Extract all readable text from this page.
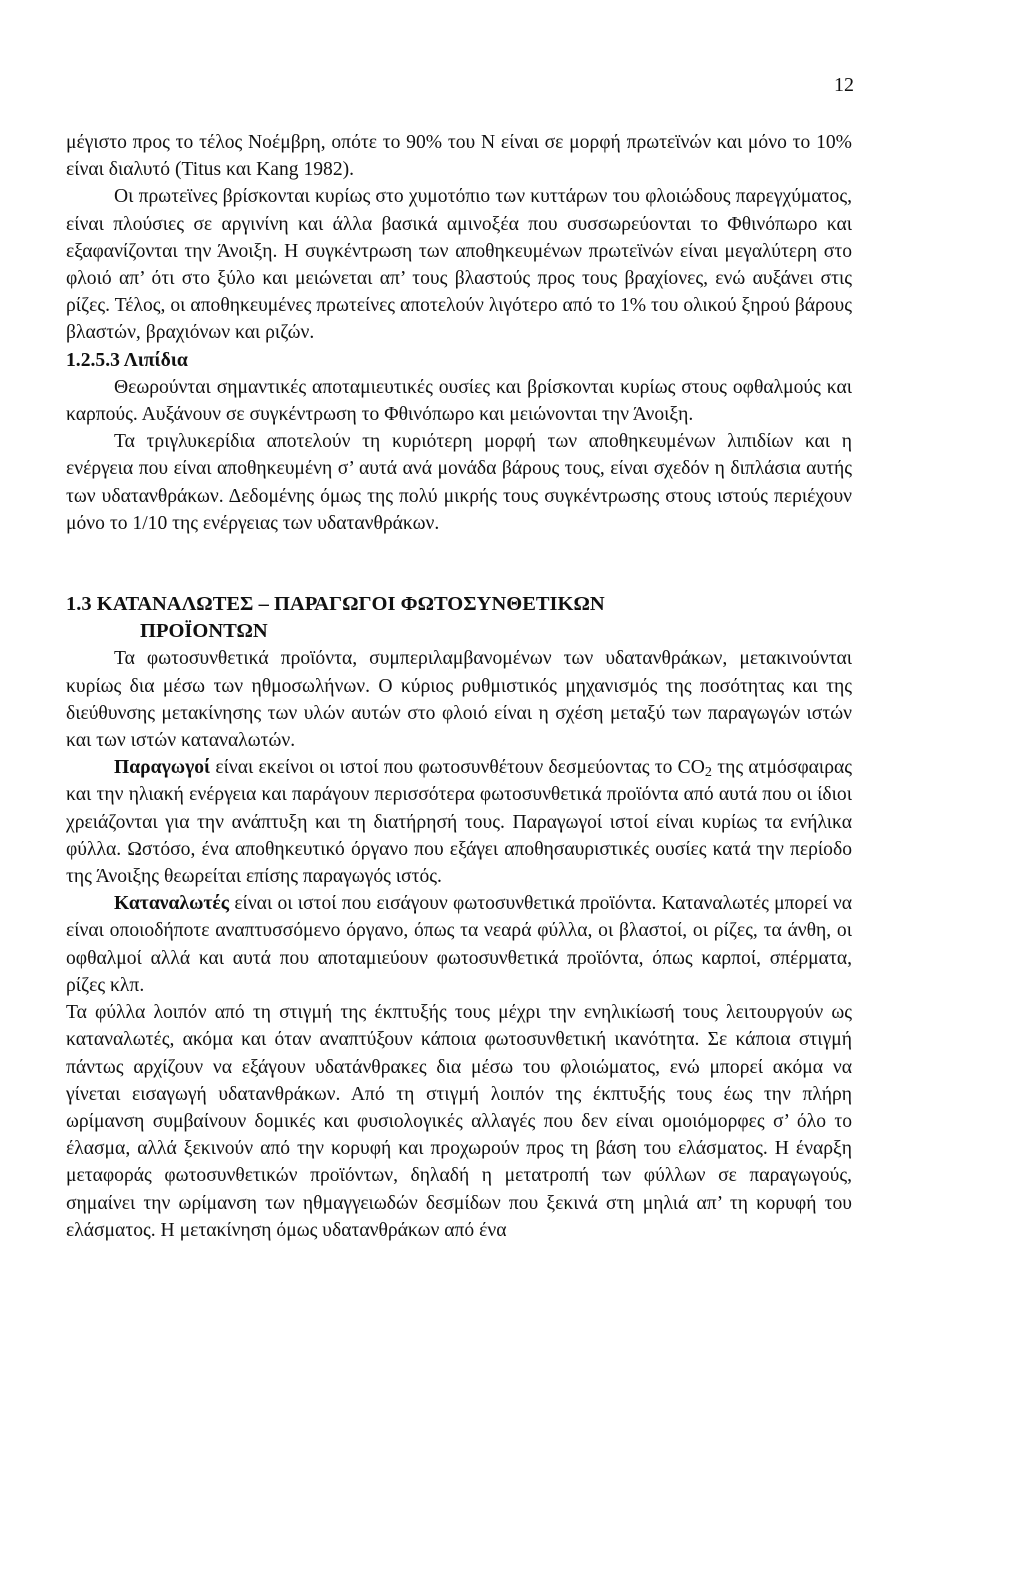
12

μέγιστο προς το τέλος Νοέμβρη, οπότε το 90% του Ν είναι σε μορφή πρωτεϊνών και μόνο το 10% είναι διαλυτό (Titus και Kang 1982).

Οι πρωτεϊνες βρίσκονται κυρίως στο χυμοτόπιο των κυττάρων του φλοιώδους παρεγχύματος, είναι πλούσιες σε αργινίνη και άλλα βασικά αμινοξέα που συσσωρεύονται το Φθινόπωρο και εξαφανίζονται την Άνοιξη. Η συγκέντρωση των αποθηκευμένων πρωτεϊνών είναι μεγαλύτερη στο φλοιό απ’ ότι στο ξύλο και μειώνεται απ’ τους βλαστούς προς τους βραχίονες, ενώ αυξάνει στις ρίζες. Τέλος, οι αποθηκευμένες πρωτείνες αποτελούν λιγότερο από το 1% του ολικού ξηρού βάρους βλαστών, βραχιόνων και ριζών.

1.2.5.3 Λιπίδια

Θεωρούνται σημαντικές αποταμιευτικές ουσίες και βρίσκονται κυρίως στους οφθαλμούς και καρπούς. Αυξάνουν σε συγκέντρωση το Φθινόπωρο και μειώνονται την Άνοιξη.

Τα τριγλυκερίδια αποτελούν τη κυριότερη μορφή των αποθηκευμένων λιπιδίων και η ενέργεια που είναι αποθηκευμένη σ’ αυτά ανά μονάδα βάρους τους, είναι σχεδόν η διπλάσια αυτής των υδατανθράκων. Δεδομένης όμως της πολύ μικρής τους συγκέντρωσης στους ιστούς περιέχουν μόνο το 1/10 της ενέργειας των υδατανθράκων.

1.3 ΚΑΤΑΝΑΛΩΤΕΣ – ΠΑΡΑΓΩΓΟΙ ΦΩΤΟΣΥΝΘΕΤΙΚΩΝ
ΠΡΟΪΟΝΤΩΝ

Τα φωτοσυνθετικά προϊόντα, συμπεριλαμβανομένων των υδατανθράκων, μετακινούνται κυρίως δια μέσω των ηθμοσωλήνων. Ο κύριος ρυθμιστικός μηχανισμός της ποσότητας και της διεύθυνσης μετακίνησης των υλών αυτών στο φλοιό είναι η σχέση μεταξύ των παραγωγών ιστών και των ιστών καταναλωτών.

Παραγωγοί είναι εκείνοι οι ιστοί που φωτοσυνθέτουν δεσμεύοντας το $CO_2$ της ατμόσφαιρας και την ηλιακή ενέργεια και παράγουν περισσότερα φωτοσυνθετικά προϊόντα από αυτά που οι ίδιοι χρειάζονται για την ανάπτυξη και τη διατήρησή τους. Παραγωγοί ιστοί είναι κυρίως τα ενήλικα φύλλα. Ωστόσο, ένα αποθηκευτικό όργανο που εξάγει αποθησαυριστικές ουσίες κατά την περίοδο της Άνοιξης θεωρείται επίσης παραγωγός ιστός.

Καταναλωτές είναι οι ιστοί που εισάγουν φωτοσυνθετικά προϊόντα. Καταναλωτές μπορεί να είναι οποιοδήποτε αναπτυσσόμενο όργανο, όπως τα νεαρά φύλλα, οι βλαστοί, οι ρίζες, τα άνθη, οι οφθαλμοί αλλά και αυτά που αποταμιεύουν φωτοσυνθετικά προϊόντα, όπως καρποί, σπέρματα, ρίζες κλπ.

Τα φύλλα λοιπόν από τη στιγμή της έκπτυξής τους μέχρι την ενηλικίωσή τους λειτουργούν ως καταναλωτές, ακόμα και όταν αναπτύξουν κάποια φωτοσυνθετική ικανότητα. Σε κάποια στιγμή πάντως αρχίζουν να εξάγουν υδατάνθρακες δια μέσω του φλοιώματος, ενώ μπορεί ακόμα να γίνεται εισαγωγή υδατανθράκων. Από τη στιγμή λοιπόν της έκπτυξής τους έως την πλήρη ωρίμανση συμβαίνουν δομικές και φυσιολογικές αλλαγές που δεν είναι ομοιόμορφες σ’ όλο το έλασμα, αλλά ξεκινούν από την κορυφή και προχωρούν προς τη βάση του ελάσματος. Η έναρξη μεταφοράς φωτοσυνθετικών προϊόντων, δηλαδή η μετατροπή των φύλλων σε παραγωγούς, σημαίνει την ωρίμανση των ηθμαγγειωδών δεσμίδων που ξεκινά στη μηλιά απ’ τη κορυφή του ελάσματος. Η μετακίνηση όμως υδατανθράκων από ένα
